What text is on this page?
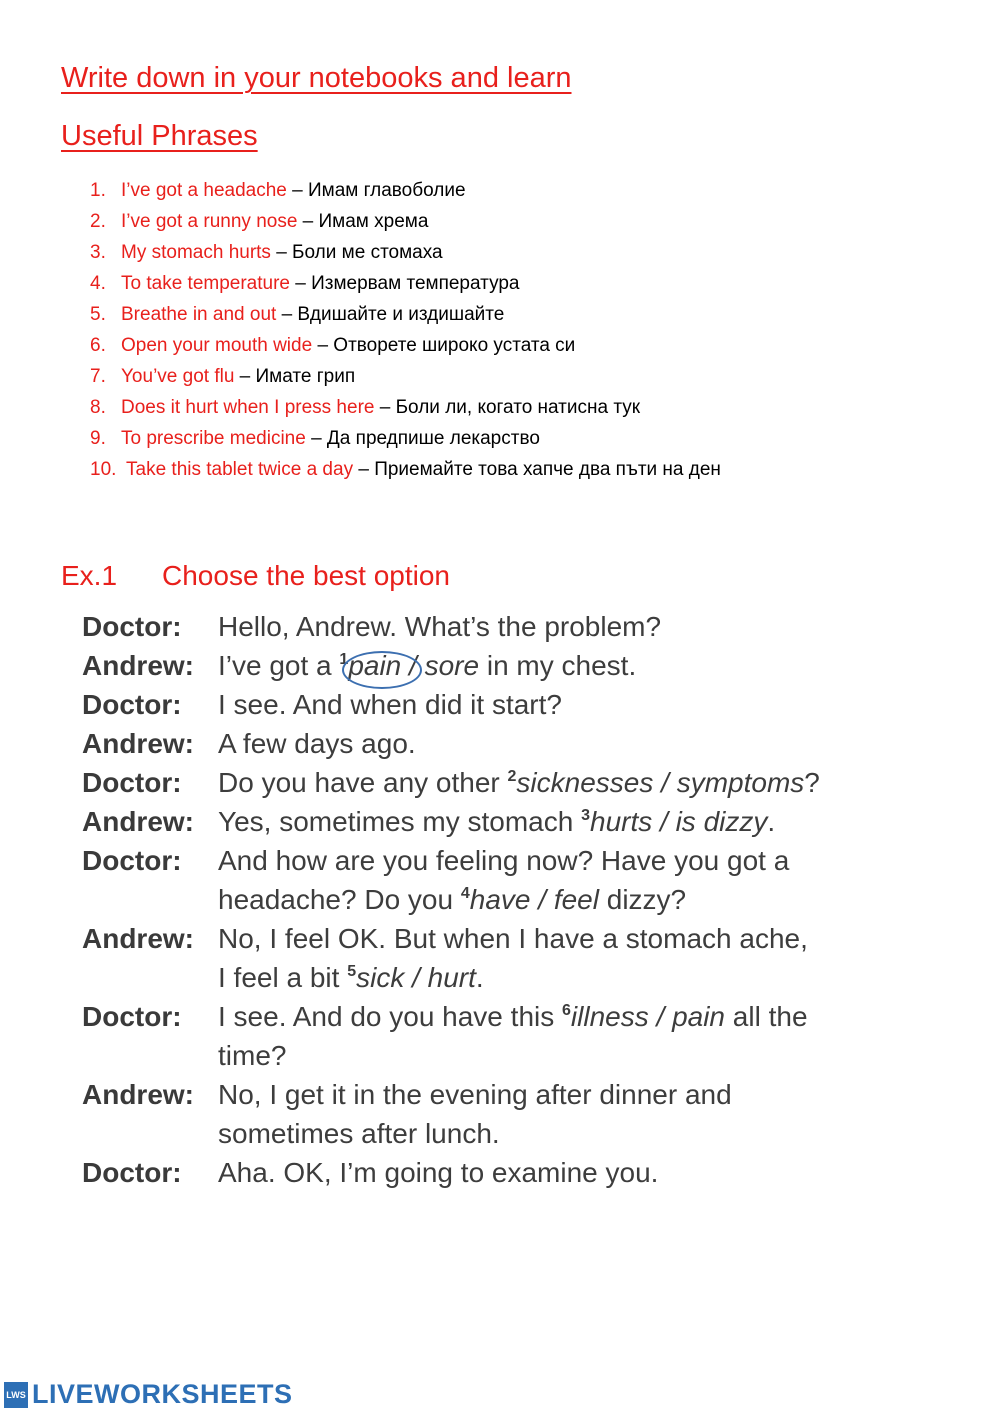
Write down in your notebooks and learn
Useful Phrases
1. I’ve got a headache – Имам главоболие
2. I’ve got a runny nose – Имам хрема
3. My stomach hurts – Боли ме стомаха
4. To take temperature – Измервам температура
5. Breathe in and out – Вдишайте и издишайте
6. Open your mouth wide – Отворете широко устата си
7. You’ve got flu – Имате грип
8. Does it hurt when I press here – Боли ли, когато натисна тук
9. To prescribe medicine – Да предпише лекарство
10. Take this tablet twice a day – Приемайте това хапче два пъти на ден
Ex.1 Choose the best option
Doctor:	Hello, Andrew. What’s the problem?
Andrew: I’ve got a $^1$pain / sore in my chest.
Doctor:	I see. And when did it start?
Andrew: A few days ago.
Doctor:	Do you have any other $^2$sicknesses / symptoms?
Andrew: Yes, sometimes my stomach $^3$hurts / is dizzy.
Doctor:	And how are you feeling now? Have you got a headache? Do you $^4$have / feel dizzy?
Andrew: No, I feel OK. But when I have a stomach ache, I feel a bit $^5$sick / hurt.
Doctor:	I see. And do you have this $^6$illness / pain all the time?
Andrew: No, I get it in the evening after dinner and sometimes after lunch.
Doctor:	Aha. OK, I’m going to examine you.
LWS LIVEWORKSHEETS
